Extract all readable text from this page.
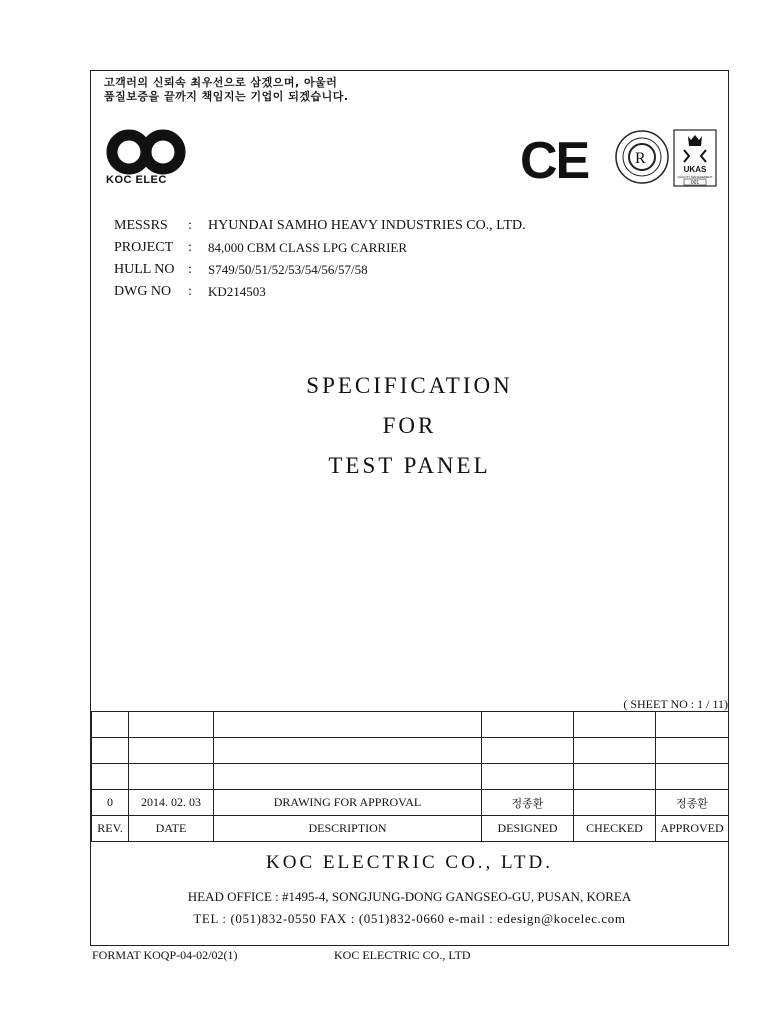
고객러의 신뢰속 최우선으로 삼겠으며, 아울러
품질보증을 끝까지 책임지는 기업이 되겠습니다.
KOC ELEC	CE	R
UKAS
QUALITY MANAGEMENT
001
MESSRS	: HYUNDAI SAMHO HEAVY INDUSTRIES CO., LTD.
PROJECT	: 84,000 CBM CLASS LPG CARRIER
HULL NO : S749/50/51/52/53/54/56/57/58
DWG NO	: KD214503
SPECIFICATION
FOR
TEST PANEL
( SHEET NO : 1 / 11)

0	2014. 02. 03	DRAWING FOR APPROVAL	정종환		정종환
REV.	DATE	DESCRIPTION	DESIGNED	CHECKED	APPROVED
KOC ELECTRIC CO., LTD.
HEAD OFFICE : #1495-4, SONGJUNG-DONG GANGSEO-GU, PUSAN, KOREA
TEL : (051)832-0550 FAX : (051)832-0660 e-mail : edesign@kocelec.com
FORMAT KOQP-04-02/02(1)	KOC ELECTRIC CO., LTD
